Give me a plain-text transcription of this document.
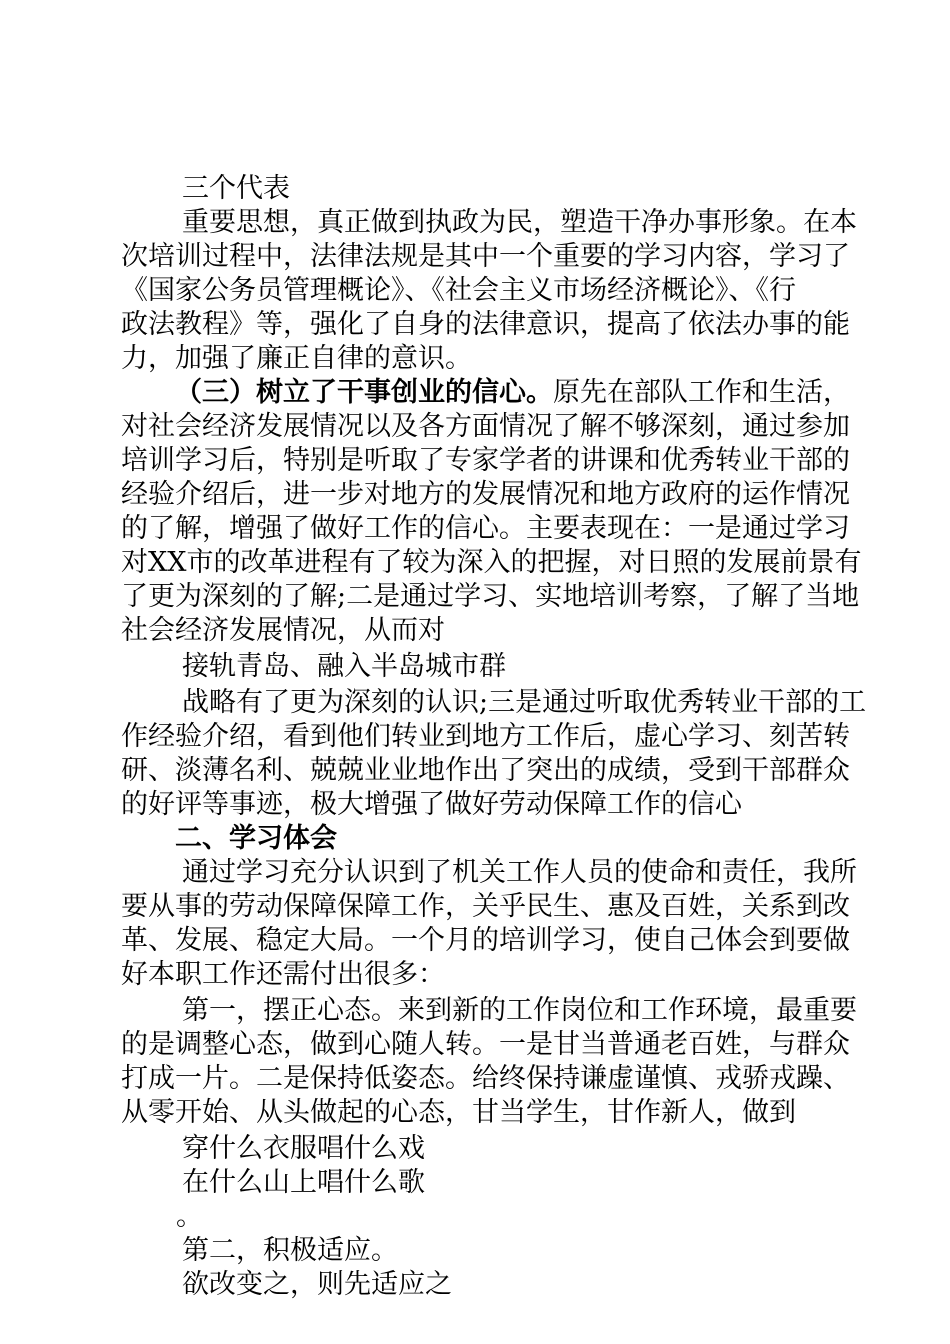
三个代表
重要思想，真正做到执政为民，塑造干净办事形象。在本
次培训过程中，法律法规是其中一个重要的学习内容，学习了
《国家公务员管理概论》、《社会主义市场经济概论》、《行
政法教程》等，强化了自身的法律意识，提高了依法办事的能
力，加强了廉正自律的意识。
（三）树立了干事创业的信心。原先在部队工作和生活，
对社会经济发展情况以及各方面情况了解不够深刻，通过参加
培训学习后，特别是听取了专家学者的讲课和优秀转业干部的
经验介绍后，进一步对地方的发展情况和地方政府的运作情况
的了解，增强了做好工作的信心。主要表现在：一是通过学习
对XX市的改革进程有了较为深入的把握，对日照的发展前景有
了更为深刻的了解;二是通过学习、实地培训考察，了解了当地
社会经济发展情况，从而对
接轨青岛、融入半岛城市群
战略有了更为深刻的认识;三是通过听取优秀转业干部的工
作经验介绍，看到他们转业到地方工作后，虚心学习、刻苦转
研、淡薄名利、兢兢业业地作出了突出的成绩，受到干部群众
的好评等事迹，极大增强了做好劳动保障工作的信心
二、学习体会
通过学习充分认识到了机关工作人员的使命和责任，我所
要从事的劳动保障保障工作，关乎民生、惠及百姓，关系到改
革、发展、稳定大局。一个月的培训学习，使自己体会到要做
好本职工作还需付出很多：
第一，摆正心态。来到新的工作岗位和工作环境，最重要
的是调整心态，做到心随人转。一是甘当普通老百姓，与群众
打成一片。二是保持低姿态。给终保持谦虚谨慎、戎骄戎躁、
从零开始、从头做起的心态，甘当学生，甘作新人，做到
穿什么衣服唱什么戏
在什么山上唱什么歌
。
第二，积极适应。
欲改变之，则先适应之
